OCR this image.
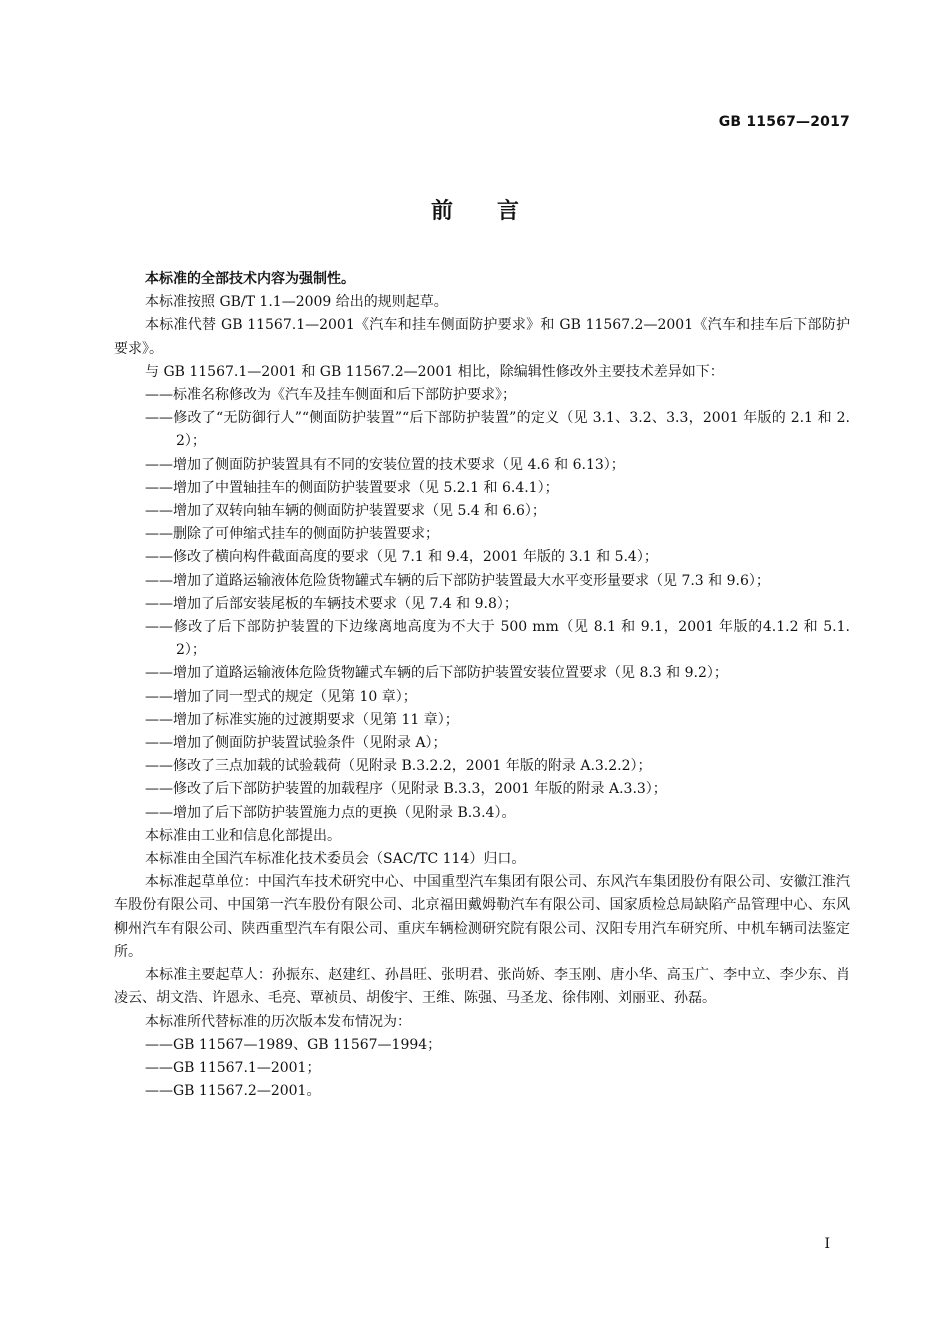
GB 11567—2017
前言

本标准的全部技术内容为强制性。

本标准按照 GB/T 1.1—2009 给出的规则起草。

本标准代替 GB 11567.1—2001《汽车和挂车侧面防护要求》和 GB 11567.2—2001《汽车和挂车后下部防护要求》。

与 GB 11567.1—2001 和 GB 11567.2—2001 相比，除编辑性修改外主要技术差异如下：

——标准名称修改为《汽车及挂车侧面和后下部防护要求》；
——修改了“无防御行人”“侧面防护装置”“后下部防护装置”的定义（见 3.1、3.2、3.3，2001 年版的 2.1 和 2.2）；
——增加了侧面防护装置具有不同的安装位置的技术要求（见 4.6 和 6.13）；
——增加了中置轴挂车的侧面防护装置要求（见 5.2.1 和 6.4.1）；
——增加了双转向轴车辆的侧面防护装置要求（见 5.4 和 6.6）；
——删除了可伸缩式挂车的侧面防护装置要求；
——修改了横向构件截面高度的要求（见 7.1 和 9.4，2001 年版的 3.1 和 5.4）；
——增加了道路运输液体危险货物罐式车辆的后下部防护装置最大水平变形量要求（见 7.3 和 9.6）；
——增加了后部安装尾板的车辆技术要求（见 7.4 和 9.8）；
——修改了后下部防护装置的下边缘离地高度为不大于 500 mm（见 8.1 和 9.1，2001 年版的4.1.2 和 5.1.2）；
——增加了道路运输液体危险货物罐式车辆的后下部防护装置安装位置要求（见 8.3 和 9.2）；
——增加了同一型式的规定（见第 10 章）；
——增加了标准实施的过渡期要求（见第 11 章）；
——增加了侧面防护装置试验条件（见附录 A）；
——修改了三点加载的试验载荷（见附录 B.3.2.2，2001 年版的附录 A.3.2.2）；
——修改了后下部防护装置的加载程序（见附录 B.3.3，2001 年版的附录 A.3.3）；
——增加了后下部防护装置施力点的更换（见附录 B.3.4）。

本标准由工业和信息化部提出。

本标准由全国汽车标准化技术委员会（SAC/TC 114）归口。

本标准起草单位：中国汽车技术研究中心、中国重型汽车集团有限公司、东风汽车集团股份有限公司、安徽江淮汽车股份有限公司、中国第一汽车股份有限公司、北京福田戴姆勒汽车有限公司、国家质检总局缺陷产品管理中心、东风柳州汽车有限公司、陕西重型汽车有限公司、重庆车辆检测研究院有限公司、汉阳专用汽车研究所、中机车辆司法鉴定所。

本标准主要起草人：孙振东、赵建红、孙昌旺、张明君、张尚娇、李玉刚、唐小华、高玉广、李中立、李少东、肖凌云、胡文浩、许恩永、毛亮、覃祯员、胡俊宇、王维、陈强、马圣龙、徐伟刚、刘丽亚、孙磊。

本标准所代替标准的历次版本发布情况为：

——GB 11567—1989、GB 11567—1994；
——GB 11567.1—2001；
——GB 11567.2—2001。
I
